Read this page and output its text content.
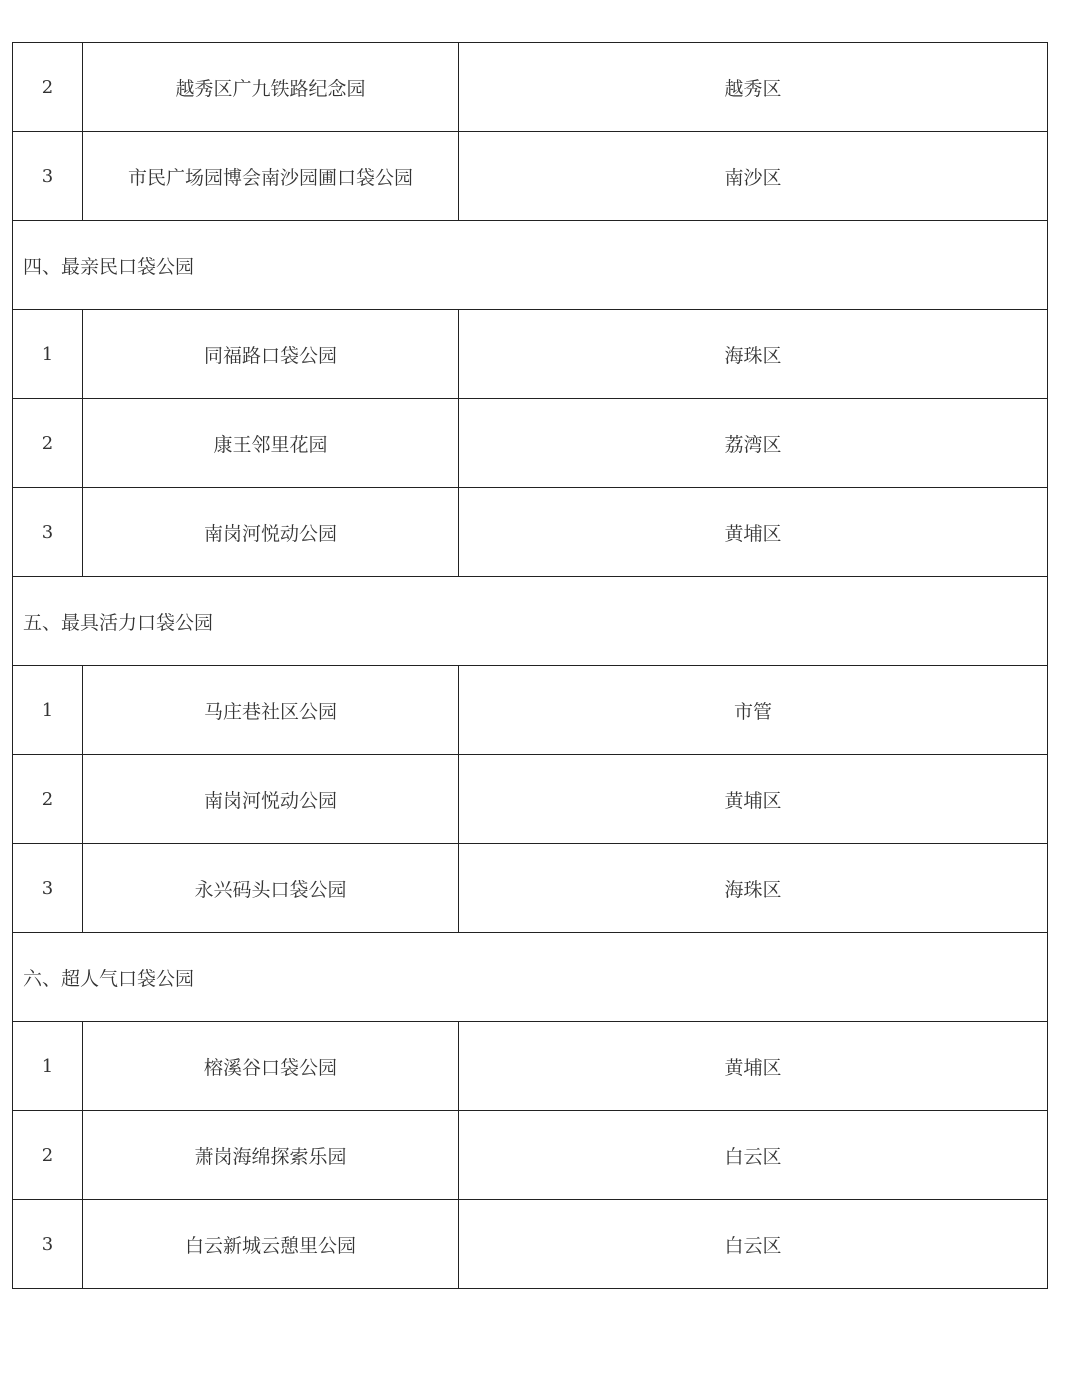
2	越秀区广九铁路纪念园	越秀区
3	市民广场园博会南沙园圃口袋公园	南沙区
四、最亲民口袋公园		
1	同福路口袋公园	海珠区
2	康王邻里花园	荔湾区
3	南岗河悦动公园	黄埔区
五、最具活力口袋公园		
1	马庄巷社区公园	市管
2	南岗河悦动公园	黄埔区
3	永兴码头口袋公园	海珠区
六、超人气口袋公园		
1	榕溪谷口袋公园	黄埔区
2	萧岗海绵探索乐园	白云区
3	白云新城云憩里公园	白云区
